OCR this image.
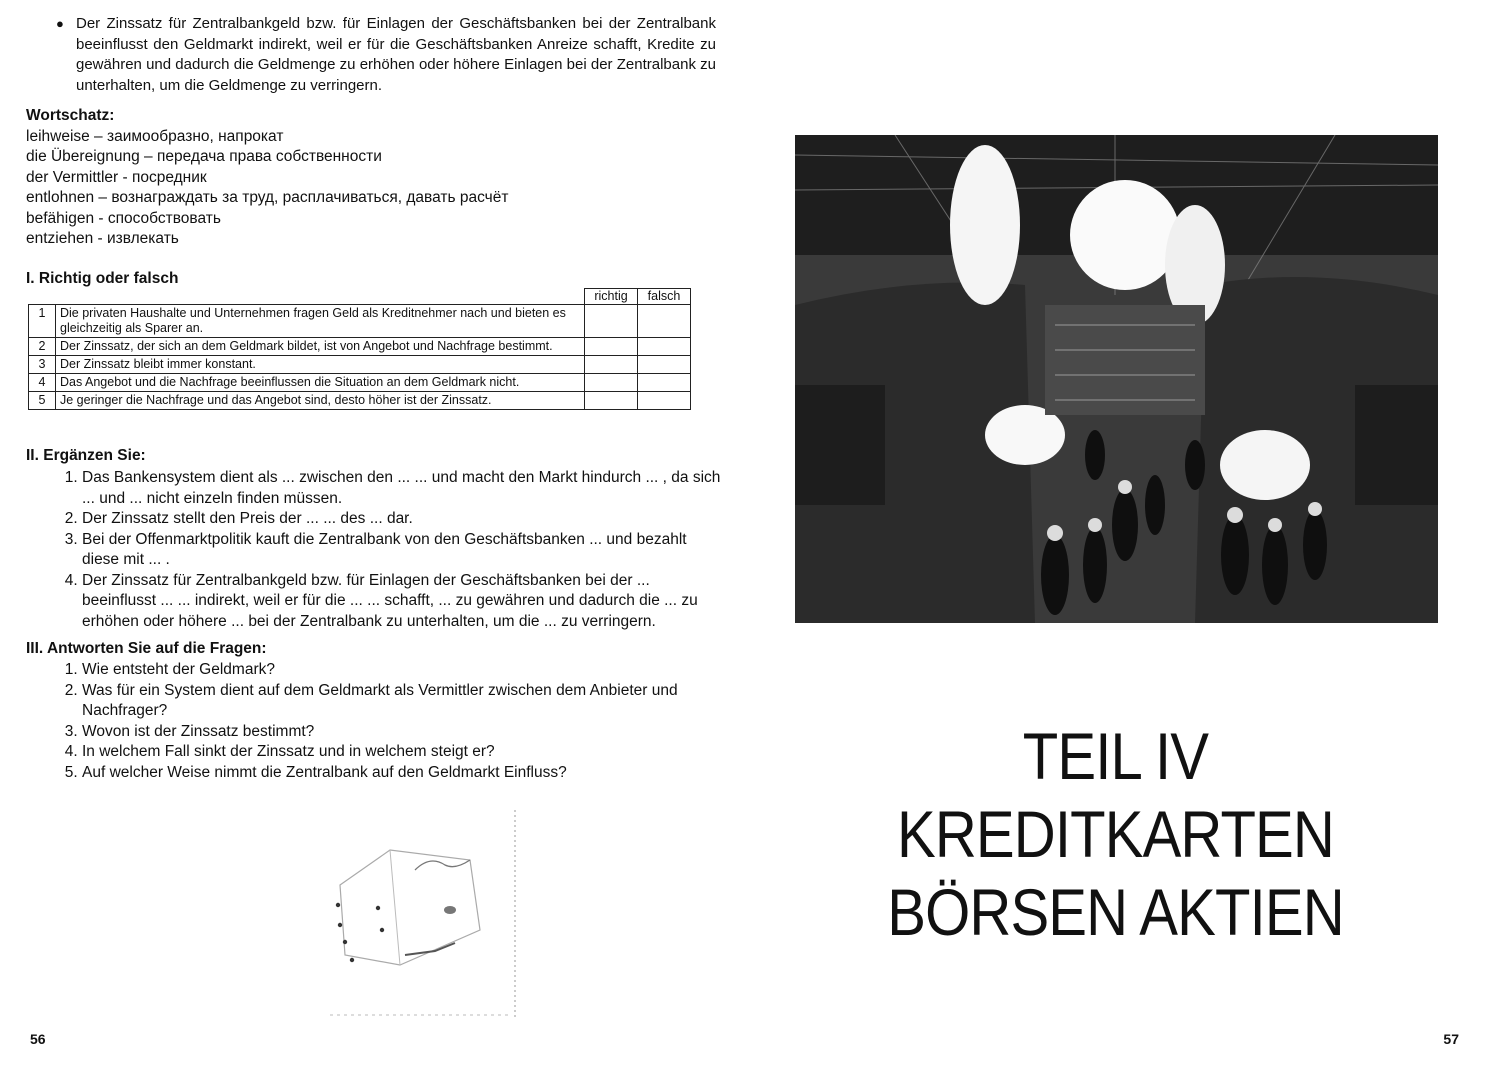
● Der Zinssatz für Zentralbankgeld bzw. für Einlagen der Geschäftsbanken bei der Zentralbank beeinflusst den Geldmarkt indirekt, weil er für die Geschäftsbanken Anreize schafft, Kredite zu gewähren und dadurch die Geldmenge zu erhöhen oder höhere Einlagen bei der Zentralbank zu unterhalten, um die Geldmenge zu verringern.
Wortschatz:
leihweise – заимообразно, напрокат
die Übereignung – передача права собственности
der Vermittler - посредник
entlohnen – вознаграждать за труд, расплачиваться, давать расчёт
befähigen - способствовать
entziehen - извлекать
I. Richtig oder falsch
		richtig	falsch
1	Die privaten Haushalte und Unternehmen fragen Geld als Kreditnehmer nach und bieten es gleichzeitig als Sparer an.		
2	Der Zinssatz, der sich an dem Geldmark bildet, ist von Angebot und Nachfrage bestimmt.		
3	Der Zinssatz bleibt immer konstant.		
4	Das Angebot und die Nachfrage beeinflussen die Situation an dem Geldmark nicht.		
5	Je geringer die Nachfrage und das Angebot sind, desto höher ist der Zinssatz.		
II. Ergänzen Sie:
1. Das Bankensystem dient als ... zwischen den ... ... und macht den Markt hindurch ... , da sich ... und ... nicht einzeln finden müssen.
2. Der Zinssatz stellt den Preis der ... ... des ... dar.
3. Bei der Offenmarktpolitik kauft die Zentralbank von den Geschäftsbanken ... und bezahlt diese mit ... .
4. Der Zinssatz für Zentralbankgeld bzw. für Einlagen der Geschäftsbanken bei der ... beeinflusst ... ... indirekt, weil er für die ... ... schafft, ... zu gewähren und dadurch die ... zu erhöhen oder höhere ... bei der Zentralbank zu unterhalten, um die ... zu verringern.
III. Antworten Sie auf die Fragen:
1. Wie entsteht der Geldmark?
2. Was für ein System dient auf dem Geldmarkt als Vermittler zwischen dem Anbieter und Nachfrager?
3. Wovon ist der Zinssatz bestimmt?
4. In welchem Fall sinkt der Zinssatz und in welchem steigt er?
5. Auf welcher Weise nimmt die Zentralbank auf den Geldmarkt Einfluss?
56
TEIL IV
KREDITKARTEN
BÖRSEN AKTIEN
57
